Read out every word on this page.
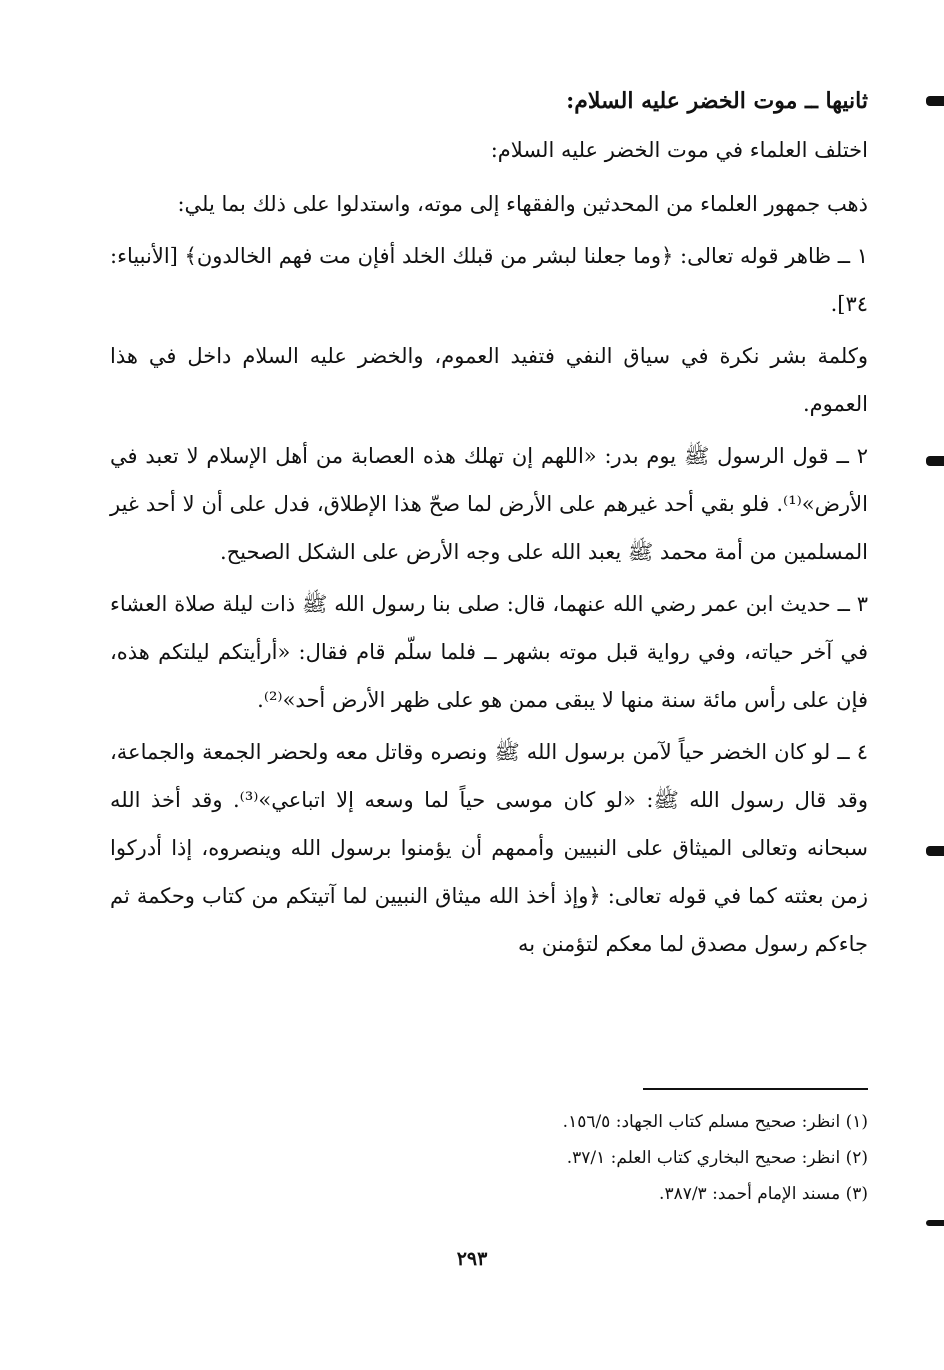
ثانيها ــ موت الخضر عليه السلام:

اختلف العلماء في موت الخضر عليه السلام:

ذهب جمهور العلماء من المحدثين والفقهاء إلى موته، واستدلوا على ذلك بما يلي:

١ ــ ظاهر قوله تعالى: ﴿وما جعلنا لبشر من قبلك الخلد أفإن مت فهم الخالدون﴾ [الأنبياء: ٣٤].

وكلمة بشر نكرة في سياق النفي فتفيد العموم، والخضر عليه السلام داخل في هذا العموم.

٢ ــ قول الرسول ﷺ يوم بدر: «اللهم إن تهلك هذه العصابة من أهل الإسلام لا تعبد في الأرض»⁽¹⁾. فلو بقي أحد غيرهم على الأرض لما صحّ هذا الإطلاق، فدل على أن لا أحد غير المسلمين من أمة محمد ﷺ يعبد الله على وجه الأرض على الشكل الصحيح.

٣ ــ حديث ابن عمر رضي الله عنهما، قال: صلى بنا رسول الله ﷺ ذات ليلة صلاة العشاء في آخر حياته، وفي رواية قبل موته بشهر ــ فلما سلّم قام فقال: «أرأيتكم ليلتكم هذه، فإن على رأس مائة سنة منها لا يبقى ممن هو على ظهر الأرض أحد»⁽²⁾.

٤ ــ لو كان الخضر حياً لآمن برسول الله ﷺ ونصره وقاتل معه ولحضر الجمعة والجماعة، وقد قال رسول الله ﷺ: «لو كان موسى حياً لما وسعه إلا اتباعي»⁽³⁾. وقد أخذ الله سبحانه وتعالى الميثاق على النبيين وأممهم أن يؤمنوا برسول الله وينصروه، إذا أدركوا زمن بعثته كما في قوله تعالى: ﴿وإذ أخذ الله ميثاق النبيين لما آتيتكم من كتاب وحكمة ثم جاءكم رسول مصدق لما معكم لتؤمنن به

(١) انظر: صحيح مسلم كتاب الجهاد: ١٥٦/٥.
(٢) انظر: صحيح البخاري كتاب العلم: ٣٧/١.
(٣) مسند الإمام أحمد: ٣٨٧/٣.
٢٩٣
